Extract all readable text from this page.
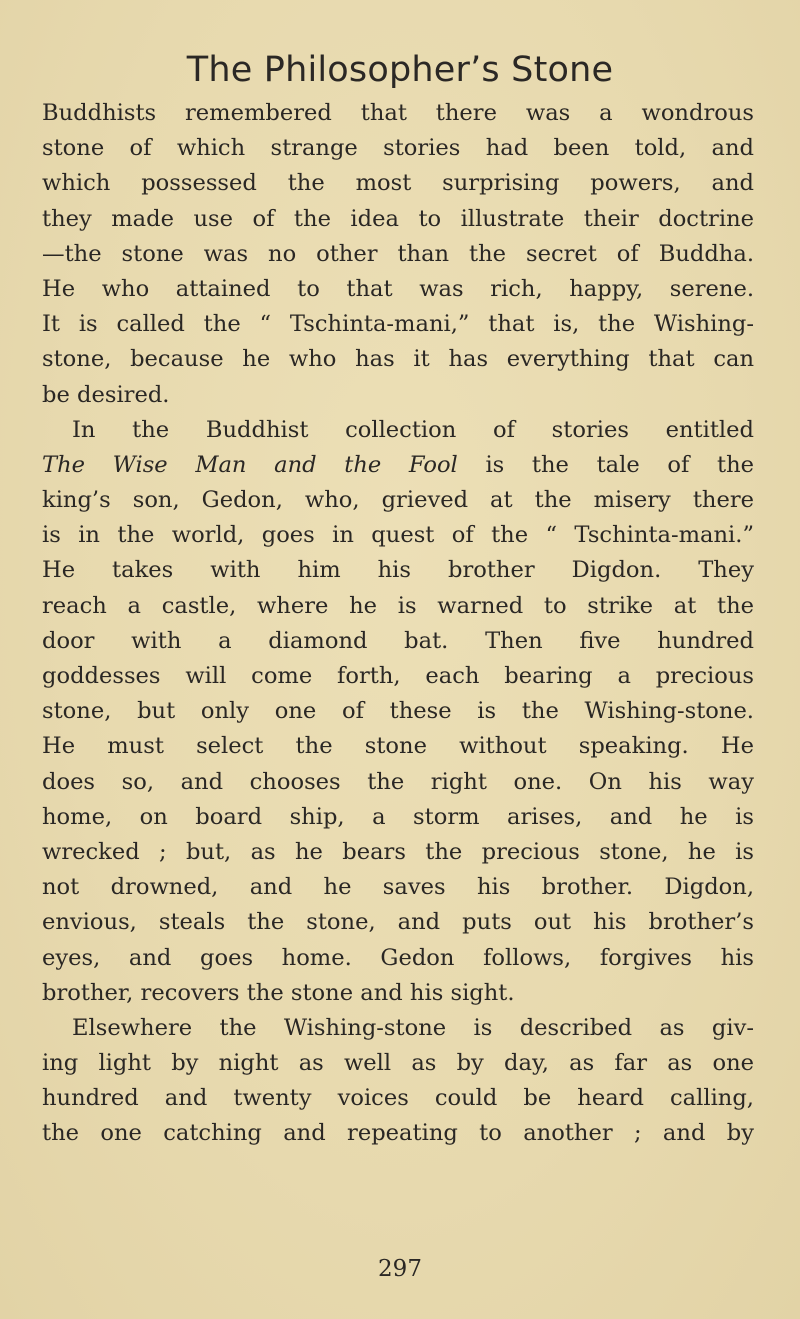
The Philosopher’s Stone
Buddhists remembered that there was a wondrous
stone of which strange stories had been told, and
which possessed the most surprising powers, and
they made use of the idea to illustrate their doctrine
—the stone was no other than the secret of Buddha.
He who attained to that was rich, happy, serene.
It is called the “ Tschinta-mani,” that is, the Wishing-
stone, because he who has it has everything that can
be desired.
In the Buddhist collection of stories entitled
The Wise Man and the Fool is the tale of the
king’s son, Gedon, who, grieved at the misery there
is in the world, goes in quest of the “ Tschinta-mani.”
He takes with him his brother Digdon. They
reach a castle, where he is warned to strike at the
door with a diamond bat. Then five hundred
goddesses will come forth, each bearing a precious
stone, but only one of these is the Wishing-stone.
He must select the stone without speaking. He
does so, and chooses the right one. On his way
home, on board ship, a storm arises, and he is
wrecked ; but, as he bears the precious stone, he is
not drowned, and he saves his brother. Digdon,
envious, steals the stone, and puts out his brother’s
eyes, and goes home. Gedon follows, forgives his
brother, recovers the stone and his sight.
Elsewhere the Wishing-stone is described as giv-
ing light by night as well as by day, as far as one
hundred and twenty voices could be heard calling,
the one catching and repeating to another ; and by
297
